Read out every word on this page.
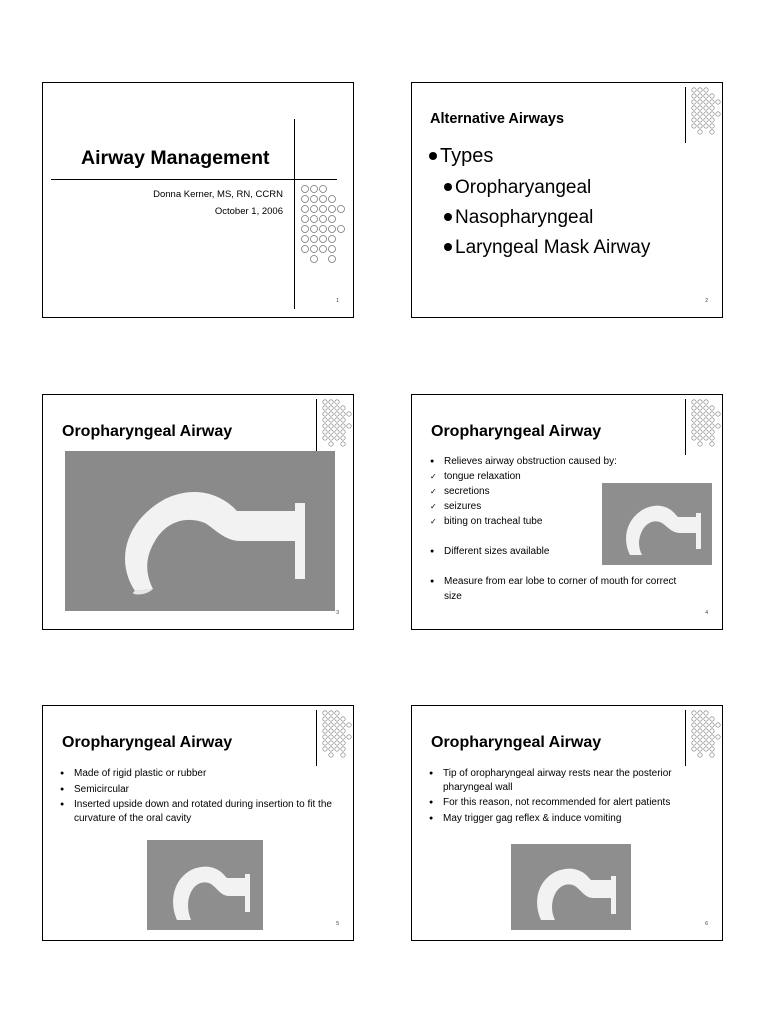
Airway Management
Donna Kerner, MS, RN, CCRN
October 1, 2006
1
Alternative Airways
Types
Oropharyangeal
Nasopharyngeal
Laryngeal Mask Airway
2
Oropharyngeal Airway
3
Oropharyngeal Airway
● Relieves airway obstruction caused by:
✓ tongue relaxation
✓ secretions
✓ seizures
✓ biting on tracheal tube
● Different sizes available
● Measure from ear lobe to corner of mouth for correct size
4
Oropharyngeal Airway
● Made of rigid plastic or rubber
● Semicircular
● Inserted upside down and rotated during insertion to fit the curvature of the oral cavity
5
Oropharyngeal Airway
● Tip of oropharyngeal airway rests near the posterior pharyngeal wall
● For this reason, not recommended for alert patients
● May trigger gag reflex & induce vomiting
6
